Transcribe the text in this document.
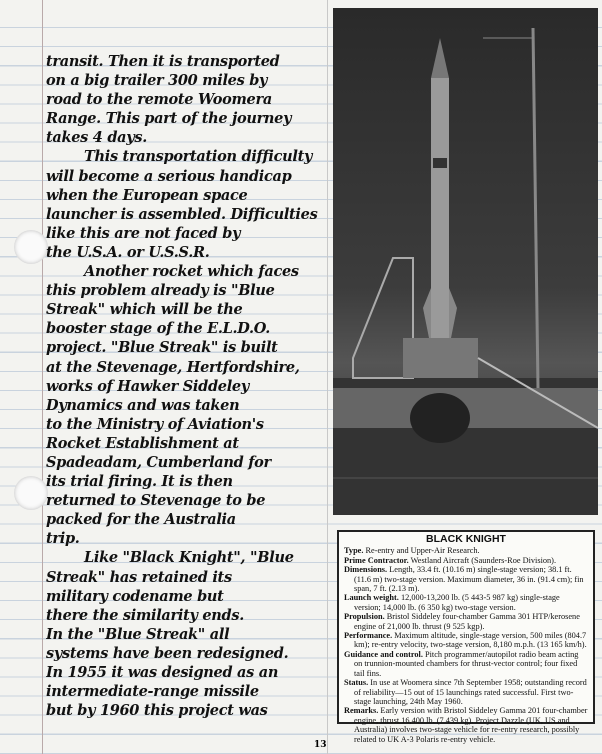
transit. Then it is transported
on a big trailer 300 miles by
road to the remote Woomera
Range. This part of the journey
takes 4 days.
This transportation difficulty
will become a serious handicap
when the European space
launcher is assembled. Difficulties
like this are not faced by
the U.S.A. or U.S.S.R.
Another rocket which faces
this problem already is "Blue
Streak" which will be the
booster stage of the E.L.D.O.
project. "Blue Streak" is built
at the Stevenage, Hertfordshire,
works of Hawker Siddeley
Dynamics and was taken
to the Ministry of Aviation's
Rocket Establishment at
Spadeadam, Cumberland for
its trial firing. It is then
returned to Stevenage to be
packed for the Australia
trip.
Like "Black Knight", "Blue
Streak" has retained its
military codename but
there the similarity ends.
In the "Blue Streak" all
systems have been redesigned.
In 1955 it was designed as an
intermediate-range missile
but by 1960 this project was
BLACK KNIGHT

Type. Re-entry and Upper-Air Research.

Prime Contractor. Westland Aircraft (Saunders-Roe Division).

Dimensions. Length, 33.4 ft. (10.16 m) single-stage version; 38.1 ft. (11.6 m) two-stage version. Maximum diameter, 36 in. (91.4 cm); fin span, 7 ft. (2.13 m).

Launch weight. 12,000-13,200 lb. (5 443-5 987 kg) single-stage version; 14,000 lb. (6 350 kg) two-stage version.

Propulsion. Bristol Siddeley four-chamber Gamma 301 HTP/kerosene engine of 21,000 lb. thrust (9 525 kgp).

Performance. Maximum altitude, single-stage version, 500 miles (804.7 km); re-entry velocity, two-stage version, 8,180 m.p.h. (13 165 km/h).

Guidance and control. Pitch programmer/autopilot radio beam acting on trunnion-mounted chambers for thrust-vector control; four fixed tail fins.

Status. In use at Woomera since 7th September 1958; outstanding record of reliability—15 out of 15 launchings rated successful. First two-stage launching, 24th May 1960.

Remarks. Early version with Bristol Siddeley Gamma 201 four-chamber engine, thrust 16,400 lb. (7 439 kg). Project Dazzle (UK, US and Australia) involves two-stage vehicle for re-entry research, possibly related to UK A-3 Polaris re-entry vehicle.

13
